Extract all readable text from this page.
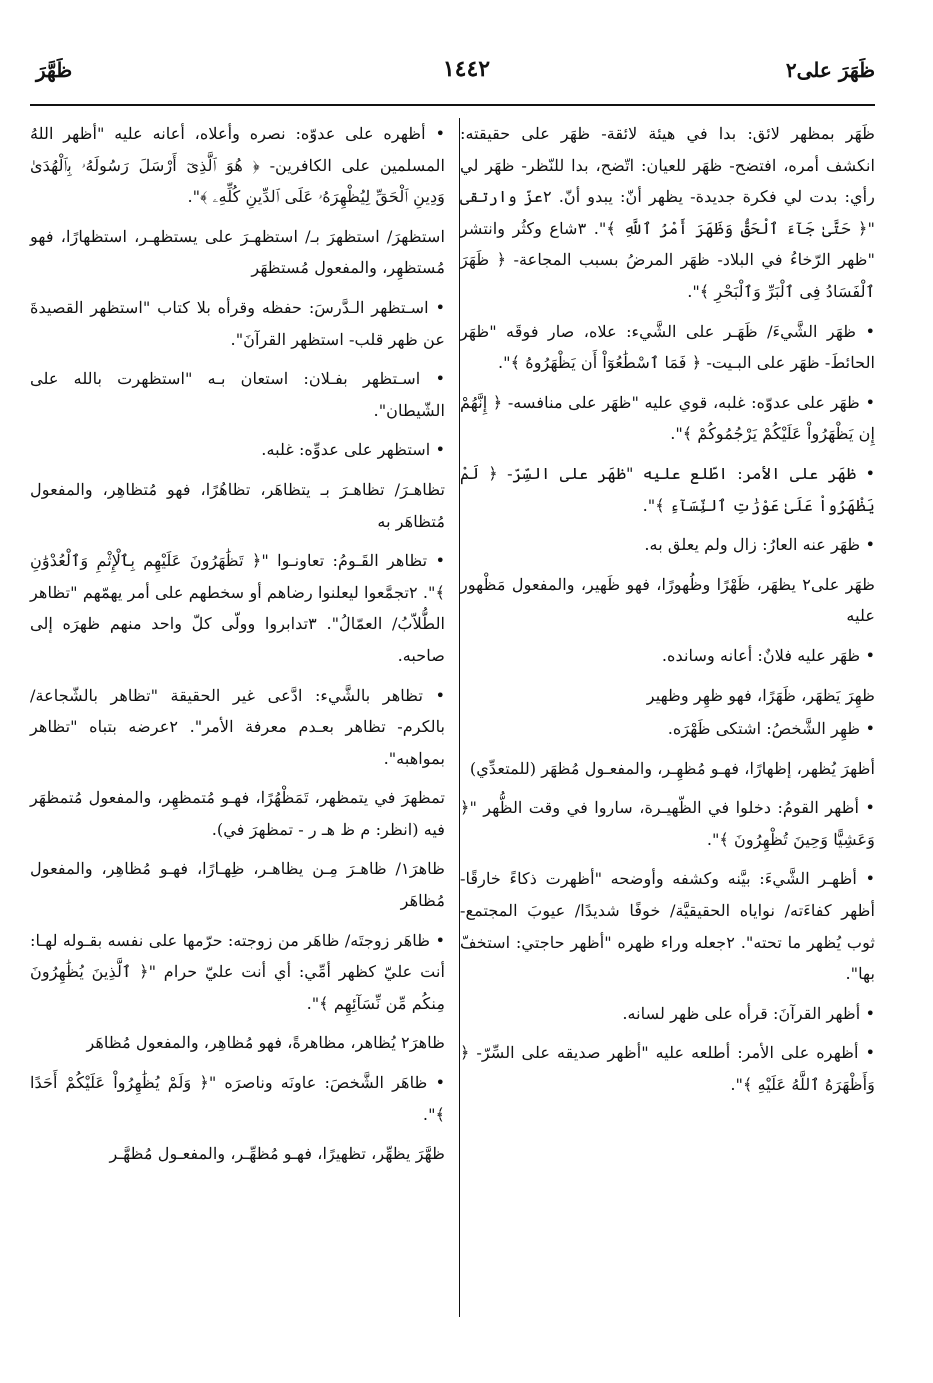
ظَهَرَ على٢
١٤٤٢
ظَهَّرَ

ظَهَر بمظهر لائق: بدا في هيئة لائقة- ظهَر على حقيقته: انكشف أمره، افتضح- ظهَر للعيان: اتّضح، بدا للنّظر- ظهَر لي رأي: بدت لي فكرة جديدة- يظهر أنّ: يبدو أنّ. ٢عزّ وارتقى "﴿ حَتَّىٰ جَآءَ ٱلْحَقُّ وَظَهَرَ أَمْرُ ٱللَّهِ ﴾". ٣شاع وكثُر وانتشر "ظهر الرّخاءُ في البلاد- ظهَر المرضُ بسبب المجاعة- ﴿ ظَهَرَ ٱلْفَسَادُ فِى ٱلْبَرِّ وَٱلْبَحْرِ ﴾".

• ظهَر الشَّيءَ/ ظَهَـر على الشَّيء: علاه، صار فوقَه "ظهَر الحائطَ- ظهَر على البـيت- ﴿ فَمَا ٱسْطَٰعُوٓاْ أَن يَظْهَرُوهُ ﴾".

• ظهَر على عدوّه: غلبه، قوي عليه "ظهَر على منافسه- ﴿ إِنَّهُمْ إِن يَظْهَرُواْ عَلَيْكُمْ يَرْجُمُوكُمْ ﴾".

• ظهَر على الأمر: اطّلع عليه "ظهَر على السِّرّ- ﴿ لَمْ يَظْهَرُواْ عَلَىٰ عَوْرَٰتِ ٱلنِّسَآءِ ﴾".

• ظهَر عنه العارُ: زال ولم يعلق به.

ظهَر على٢ يظهَر، ظَهْرًا وظُهورًا، فهو ظَهير، والمفعول مَظْهور عليه

• ظهَر عليه فلانٌ: أعانه وسانده.

ظهِرَ يَظهَر، ظَهَرًا، فهو ظهِر وظهير

• ظهِر الشَّخصُ: اشتكى ظَهْرَه.

أظهرَ يُظهر، إظهارًا، فهـو مُظهِـر، والمفعـول مُظهَر (للمتعدِّي)

• أظهر القومُ: دخلوا في الظّهيـرة، ساروا في وقت الظُّهر "﴿ وَعَشِيًّا وَحِينَ تُظْهِرُونَ ﴾".

• أظهـر الشَّيءَ: بيَّنه وكشفه وأوضحه "أظهرت ذكاءً خارقًا- أظهر كفاءَته/ نواياه الحقيقيَّة/ خوفًا شديدًا/ عيوبَ المجتمع- ثوب يُظهر ما تحته". ٢جعله وراء ظهره "أظهر حاجتي: استخفّ بها".

• أظهر القرآنَ: قرأه على ظهر لسانه.

• أظهره على الأمر: أطلعه عليه "أظهر صديقه على السِّرّ- ﴿ وَأَظْهَرَهُ ٱللَّهُ عَلَيْهِ ﴾".

• أظهره على عدوّه: نصره وأعلاه، أعانه عليه "أظهر اللهُ المسلمين على الكافرين- ﴿ هُوَ ٱلَّذِىٓ أَرْسَلَ رَسُولَهُۥ بِٱلْهُدَىٰ وَدِينِ ٱلْحَقِّ لِيُظْهِرَهُۥ عَلَى ٱلدِّينِ كُلِّهِۦ ﴾".

استظهرَ/ استظهرَ بـ/ استظهـرَ على يستظهـر، استظهارًا، فهو مُستظهِر، والمفعول مُستظهَر

• اسـتظهر الـدَّرسَ: حفظه وقرأه بلا كتاب "استظهر القصيدةَ عن ظهر قلب- استظهر القرآنَ".

• اسـتظهر بفـلان: استعان بـه "استظهرت بالله على الشّيطان".

• استظهر على عدوِّه: غلبه.

تظاهـرَ/ تظاهـرَ بـ يتظاهَر، تظاهُرًا، فهو مُتظاهِر، والمفعول مُتظاهَر به

• تظاهر القَـومُ: تعاونـوا "﴿ تَظَٰهَرُونَ عَلَيْهِم بِٱلْإِثْمِ وَٱلْعُدْوَٰنِ ﴾". ٢تجمَّعوا ليعلنوا رضاهم أو سخطهم على أمر يهمّهم "تظاهر الطُّلاّبُ/ العمّالُ". ٣تدابروا وولّى كلّ واحد منهم ظهرَه إلى صاحبه.

• تظاهر بالشَّيء: ادَّعى غير الحقيقة "تظاهر بالشّجاعة/ بالكرم- تظاهر بعـدم معرفة الأمر". ٢عرضه بتباه "تظاهر بمواهبه".

تمظهرَ في يتمظهر، تَمَظْهُرًا، فهـو مُتمظهِر، والمفعول مُتمظهَر فيه (انظر: م ظ هـ ر - تمظهرَ في).

ظاهرَ١/ ظاهـرَ مِـن يظاهـر، ظِهـارًا، فهـو مُظاهِر، والمفعول مُظاهَر

• ظاهَر زوجتَه/ ظاهَر من زوجته: حرّمها على نفسه بقـوله لهـا: أنت عليّ كظهر أمِّي: أي أنت عليّ حرام "﴿ ٱلَّذِينَ يُظَٰهِرُونَ مِنكُم مِّن نِّسَآئِهِم ﴾".

ظاهرَ٢ يُظاهر، مظاهرةً، فهو مُظاهِر، والمفعول مُظاهَر

• ظاهَر الشَّخصَ: عاونَه وناصرَه "﴿ وَلَمْ يُظَٰهِرُواْ عَلَيْكُمْ أَحَدًا ﴾".

ظهَّرَ يظهِّر، تظهيرًا، فهـو مُظهِّـر، والمفعـول مُظهَّـر
